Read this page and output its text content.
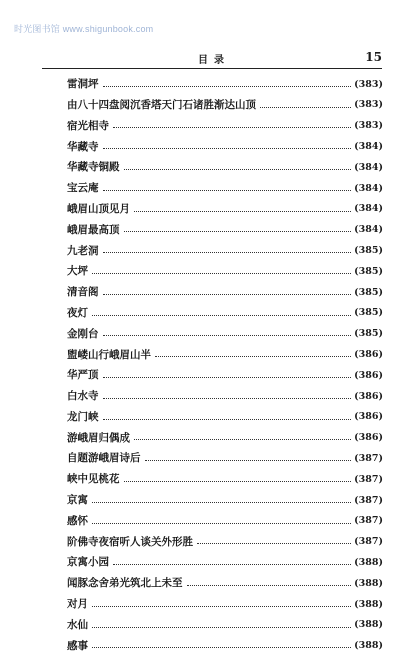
时光图书馆 www.shigunbook.com
目录	15
雷洞坪	(383)
由八十四盘阅沉香塔天门石诸胜渐达山顶	(383)
宿光相寺	(383)
华藏寺	(384)
华藏寺铜殿	(384)
宝云庵	(384)
峨眉山顶见月	(384)
峨眉最高顶	(384)
九老洞	(385)
大坪	(385)
清音阁	(385)
夜灯	(385)
金刚台	(385)
盥嵝山行峨眉山半	(386)
华严顶	(386)
白水寺	(386)
龙门峡	(386)
游峨眉归偶成	(386)
自题游峨眉诗后	(387)
峡中见桃花	(387)
京寓	(387)
感怀	(387)
阶佛寺夜宿听人谈关外形胜	(387)
京寓小园	(388)
闻豚念舍弟光筑北上未至	(388)
对月	(388)
水仙	(388)
感事	(388)
